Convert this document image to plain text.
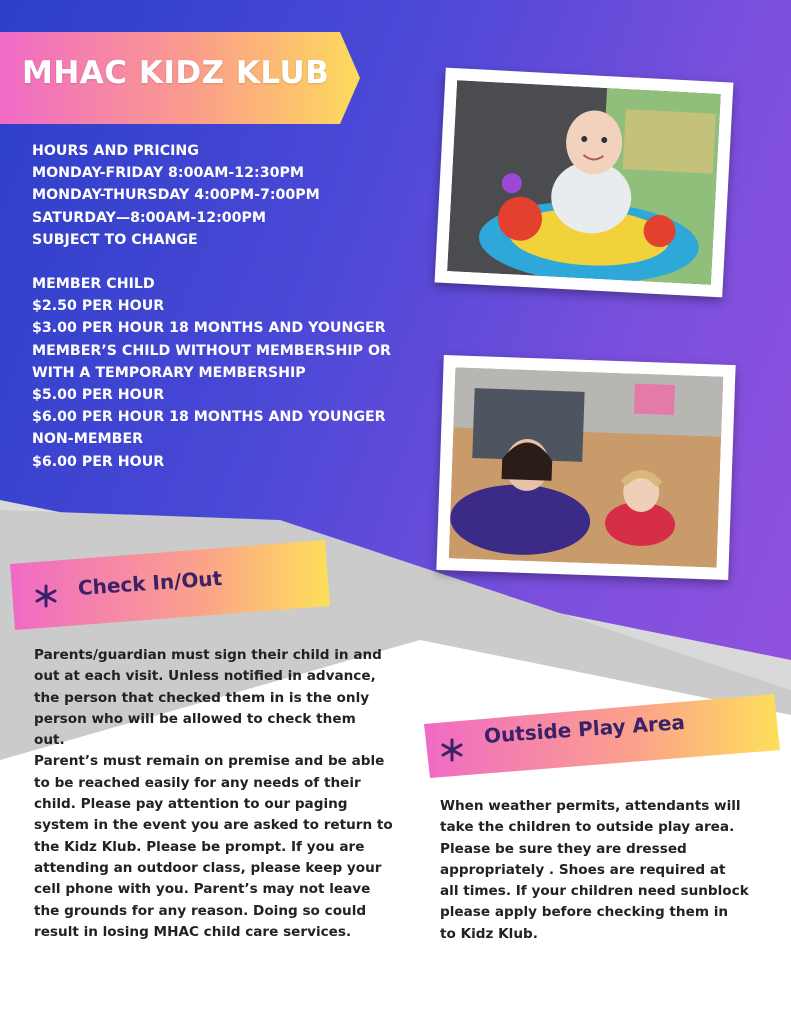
MHAC KIDZ KLUB
HOURS AND PRICING
MONDAY-FRIDAY 8:00AM-12:30PM
MONDAY-THURSDAY 4:00PM-7:00PM
SATURDAY—8:00AM-12:00PM
SUBJECT TO CHANGE
MEMBER CHILD
$2.50 PER HOUR
$3.00 PER HOUR 18 MONTHS AND YOUNGER
MEMBER’S CHILD WITHOUT MEMBERSHIP OR
WITH A TEMPORARY MEMBERSHIP
$5.00 PER HOUR
$6.00 PER HOUR 18 MONTHS AND YOUNGER
NON-MEMBER
$6.00 PER HOUR
Check In/Out
Parents/guardian must sign their child in and
out at each visit. Unless notified in advance,
the person that checked them in is the only
person who will be allowed to check them
out.
Parent’s must remain on premise and be able
to be reached easily for any needs of their
child. Please pay attention to our paging
system in the event you are asked to return to
the Kidz Klub. Please be prompt. If you are
attending an outdoor class, please keep your
cell phone with you. Parent’s may not leave
the grounds for any reason. Doing so could
result in losing MHAC child care services.
Outside Play Area
When weather permits, attendants will
take the children to outside play area.
Please be sure they are dressed
appropriately . Shoes are required at
all times. If your children need sunblock
please apply before checking them in
to Kidz Klub.
